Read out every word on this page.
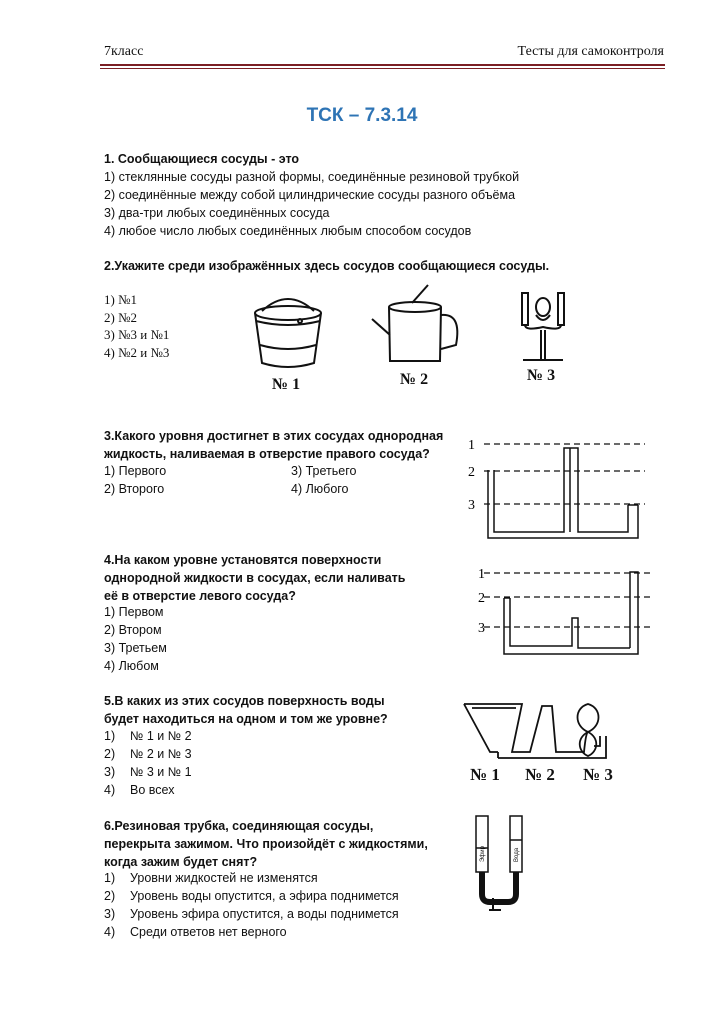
7класс	Тесты для самоконтроля
ТСК – 7.3.14
1. Сообщающиеся сосуды - это
1) стеклянные сосуды разной формы, соединённые резиновой трубкой
2) соединённые между собой цилиндрические сосуды разного объёма
3) два-три любых соединённых сосуда
4) любое число любых соединённых любым способом сосудов
2.Укажите среди изображённых здесь сосудов сообщающиеся сосуды.
1) №1
2) №2
3) №3 и №1
4) №2 и №3
№ 1	№ 2	№ 3
3.Какого уровня достигнет в этих сосудах однородная
жидкость, наливаемая в отверстие правого сосуда?
1) Первого
2) Второго
3) Третьего
4) Любого
1
2
3
4.На каком уровне установятся поверхности
однородной жидкости в сосудах, если наливать
её в отверстие левого сосуда?
1) Первом
2) Втором
3) Третьем
4) Любом
1
2
3
5.В каких из этих сосудов поверхность воды
будет находиться на одном и том же уровне?
1) № 1 и № 2
2) № 2 и № 3
3) № 3 и № 1
4) Во всех
№ 1 № 2 № 3
6.Резиновая трубка, соединяющая сосуды,
перекрыта зажимом. Что произойдёт с жидкостями,
когда зажим будет снят?
1) Уровни жидкостей не изменятся
2) Уровень воды опустится, а эфира поднимется
3) Уровень эфира опустится, а воды поднимется
4) Среди ответов нет верного
Эфир	Вода
